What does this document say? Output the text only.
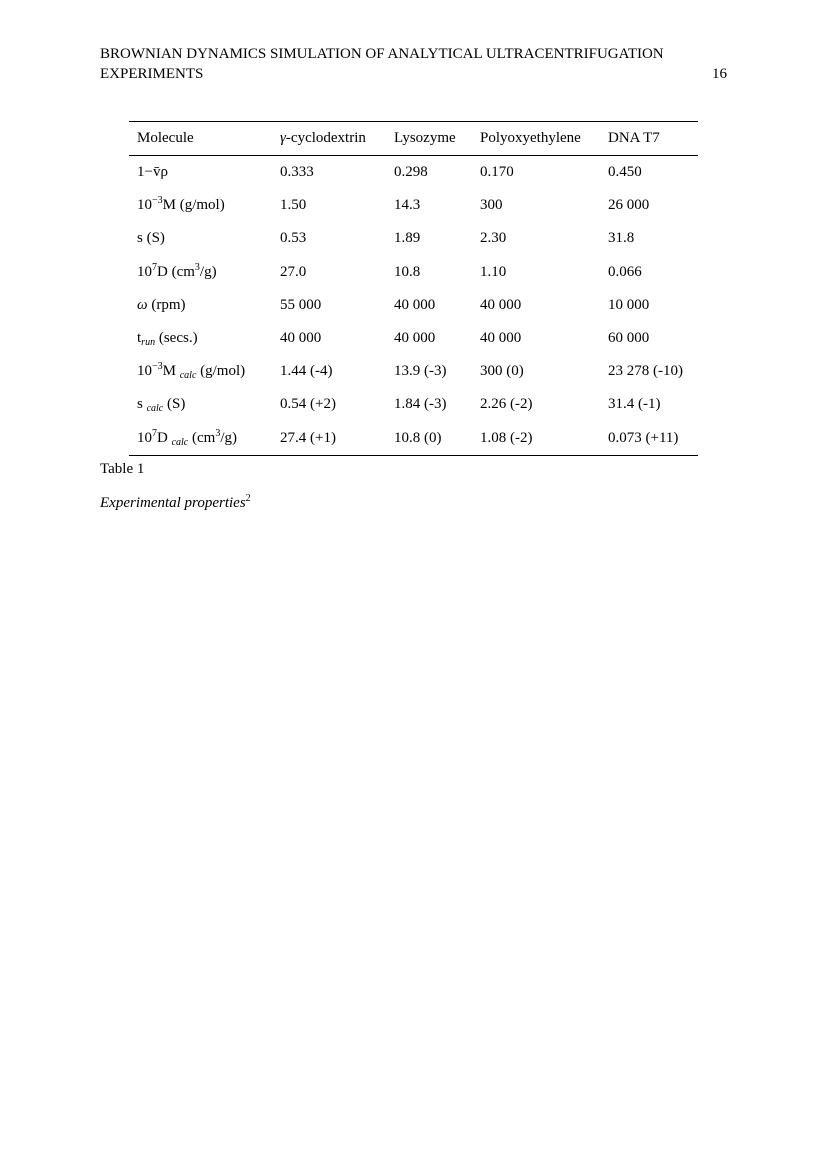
BROWNIAN DYNAMICS SIMULATION OF ANALYTICAL ULTRACENTRIFUGATION
EXPERIMENTS	16
Molecule	γ-cyclodextrin	Lysozyme	Polyoxyethylene	DNA T7
1−v̄ρ	0.333	0.298	0.170	0.450
$10^{-3}M$ (g/mol)	1.50	14.3	300	26 000
s (S)	0.53	1.89	2.30	31.8
$10^7D$ $(cm^3/g)$	27.0	10.8	1.10	0.066
ω (rpm)	55 000	40 000	40 000	10 000
$t_{run}$ (secs.)	40 000	40 000	40 000	60 000
$10^{-3}M$ $_{calc}$ (g/mol)	1.44 (-4)	13.9 (-3)	300 (0)	23 278 (-10)
s $_{calc}$ (S)	0.54 (+2)	1.84 (-3)	2.26 (-2)	31.4 (-1)
$10^7D$ $_{calc}$ $(cm^3/g)$	27.4 (+1)	10.8 (0)	1.08 (-2)	0.073 (+11)
Table 1
Experimental properties$^2$
